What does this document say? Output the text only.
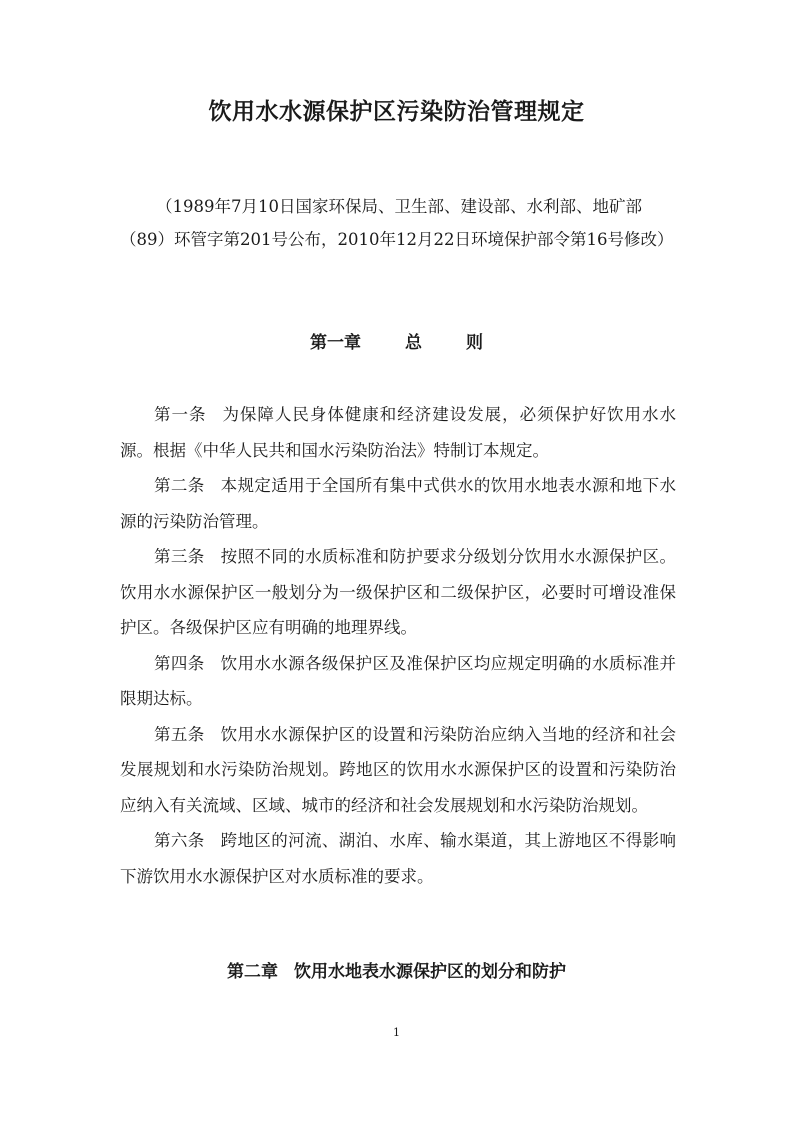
饮用水水源保护区污染防治管理规定

（1989年7月10日国家环保局、卫生部、建设部、水利部、地矿部（89）环管字第201号公布，2010年12月22日环境保护部令第16号修改）

第一章	总	则

第一条 为保障人民身体健康和经济建设发展，必须保护好饮用水水源。根据《中华人民共和国水污染防治法》特制订本规定。

第二条 本规定适用于全国所有集中式供水的饮用水地表水源和地下水源的污染防治管理。

第三条 按照不同的水质标准和防护要求分级划分饮用水水源保护区。饮用水水源保护区一般划分为一级保护区和二级保护区，必要时可增设准保护区。各级保护区应有明确的地理界线。

第四条 饮用水水源各级保护区及准保护区均应规定明确的水质标准并限期达标。

第五条 饮用水水源保护区的设置和污染防治应纳入当地的经济和社会发展规划和水污染防治规划。跨地区的饮用水水源保护区的设置和污染防治应纳入有关流域、区域、城市的经济和社会发展规划和水污染防治规划。

第六条 跨地区的河流、湖泊、水库、输水渠道，其上游地区不得影响下游饮用水水源保护区对水质标准的要求。

第二章 饮用水地表水源保护区的划分和防护
1
